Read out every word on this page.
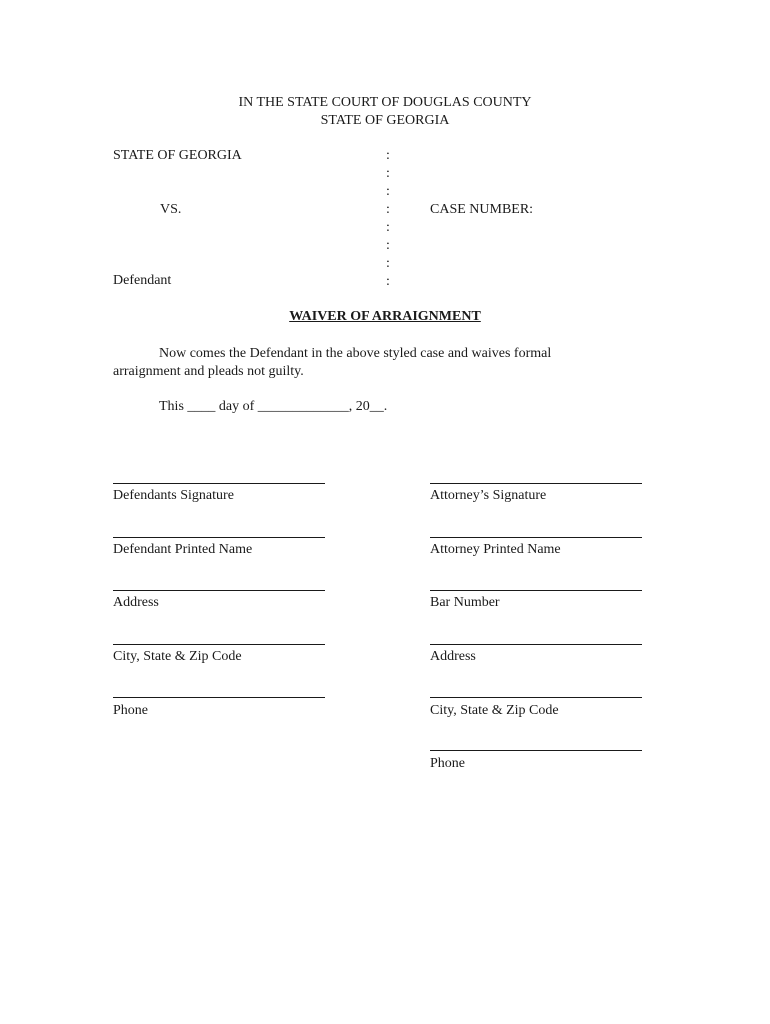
IN THE STATE COURT OF DOUGLAS COUNTY
STATE OF GEORGIA
STATE OF GEORGIA
VS.
Defendant
CASE NUMBER:
:
:
:
:
:
:
:
:
WAIVER OF ARRAIGNMENT
Now comes the Defendant in the above styled case and waives formal
arraignment and pleads not guilty.
This ____ day of _____________, 20__.
Defendants Signature
Defendant Printed Name
Address
City, State & Zip Code
Phone
Attorney’s Signature
Attorney Printed Name
Bar Number
Address
City, State & Zip Code
Phone
